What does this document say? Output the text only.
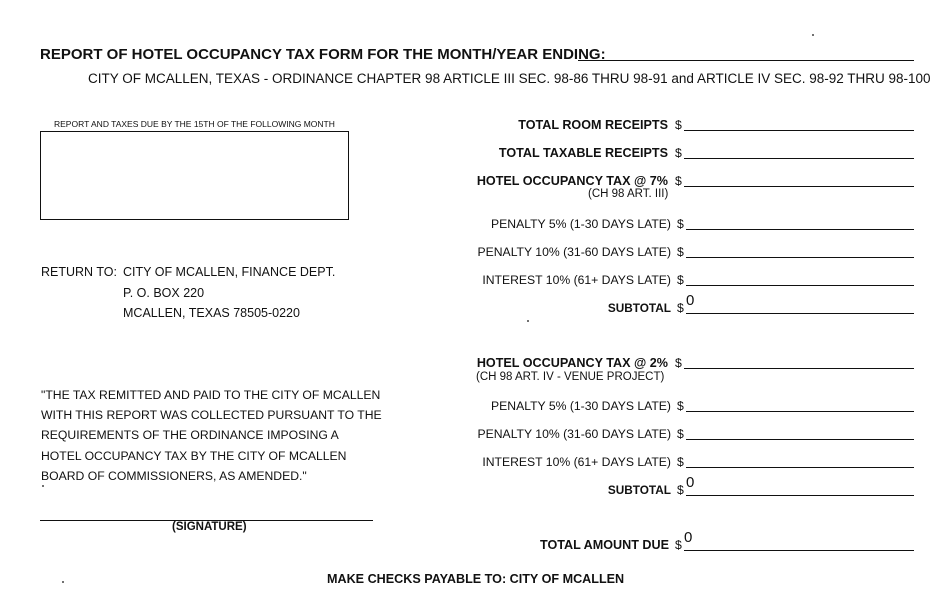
REPORT OF HOTEL OCCUPANCY TAX FORM FOR THE MONTH/YEAR ENDING:
CITY OF MCALLEN, TEXAS - ORDINANCE CHAPTER 98 ARTICLE III SEC. 98-86 THRU 98-91 and ARTICLE IV SEC. 98-92 THRU 98-100
REPORT AND TAXES DUE BY THE 15TH OF THE FOLLOWING MONTH
RETURN TO: CITY OF MCALLEN, FINANCE DEPT.
P. O. BOX 220
MCALLEN, TEXAS 78505-0220
"THE TAX REMITTED AND PAID TO THE CITY OF MCALLEN
WITH THIS REPORT WAS COLLECTED PURSUANT TO THE
REQUIREMENTS OF THE ORDINANCE IMPOSING A
HOTEL OCCUPANCY TAX BY THE CITY OF MCALLEN
BOARD OF COMMISSIONERS, AS AMENDED."
(SIGNATURE)
TOTAL ROOM RECEIPTS $
TOTAL TAXABLE RECEIPTS $
HOTEL OCCUPANCY TAX @ 7%
(CH 98 ART. III)
$
PENALTY 5% (1-30 DAYS LATE) $
PENALTY 10% (31-60 DAYS LATE) $
INTEREST 10% (61+ DAYS LATE) $
SUBTOTAL $ 0
HOTEL OCCUPANCY TAX @ 2%
(CH 98 ART. IV - VENUE PROJECT)
$
PENALTY 5% (1-30 DAYS LATE) $
PENALTY 10% (31-60 DAYS LATE) $
INTEREST 10% (61+ DAYS LATE) $
SUBTOTAL $ 0
TOTAL AMOUNT DUE $ 0
MAKE CHECKS PAYABLE TO: CITY OF MCALLEN
